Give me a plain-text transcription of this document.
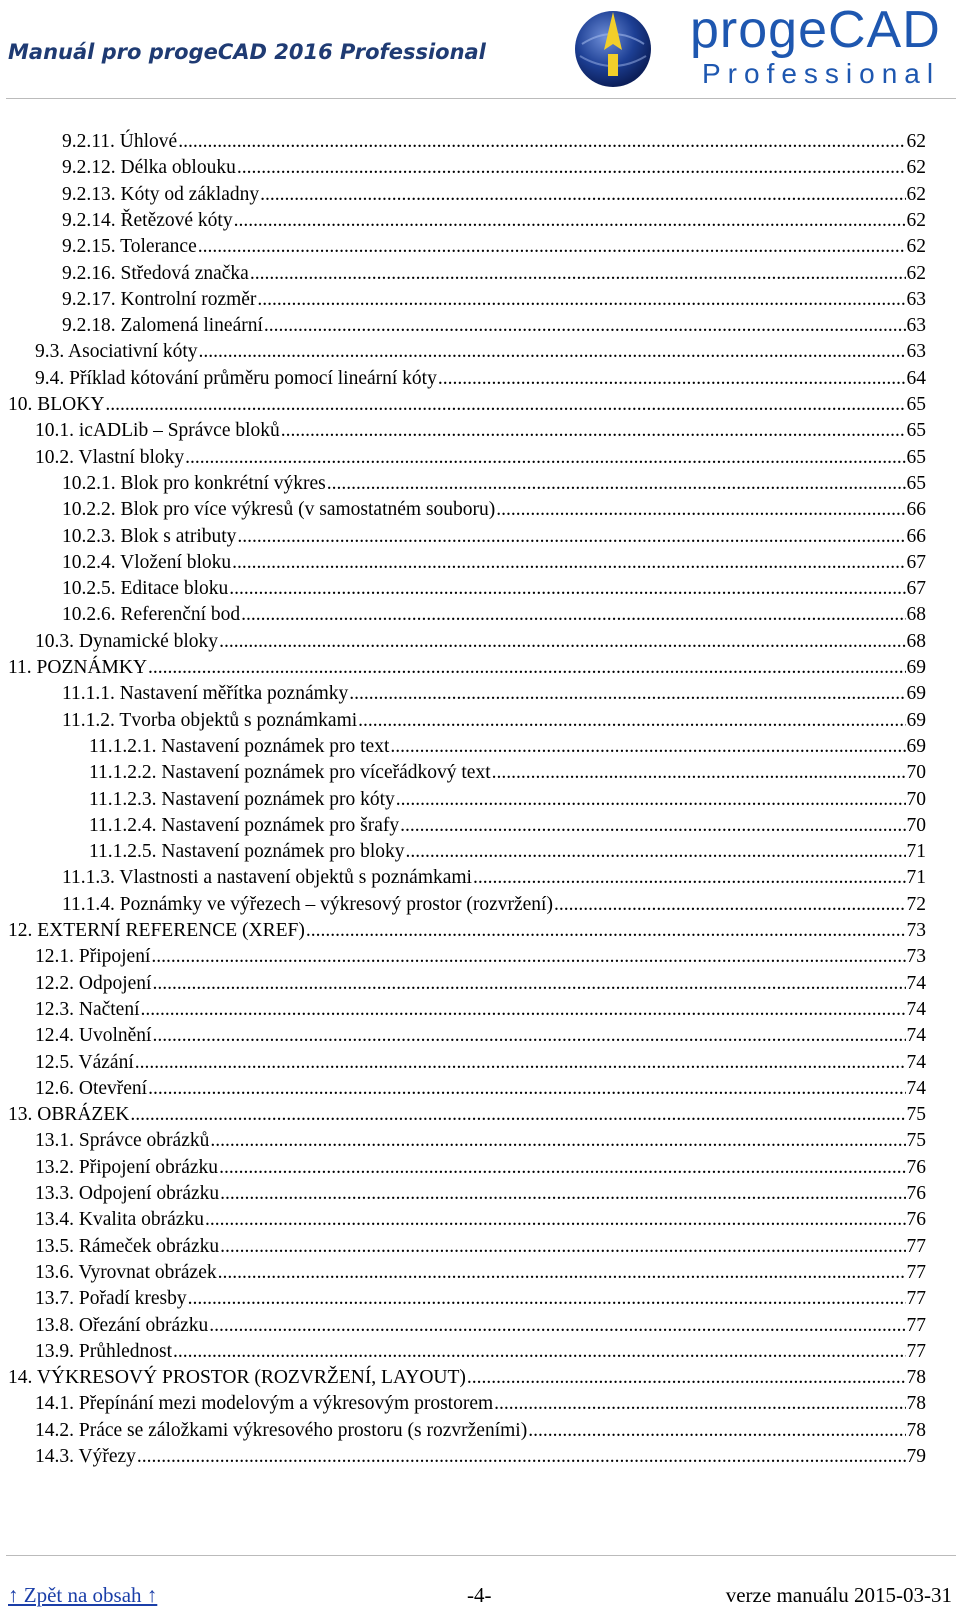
Manuál pro progeCAD 2016 Professional	progeCAD
Professional
9.2.11. Úhlové .....	62
9.2.12. Délka oblouku .....	62
9.2.13. Kóty od základny .....	62
9.2.14. Řetězové kóty .....	62
9.2.15. Tolerance .....	62
9.2.16. Středová značka .....	62
9.2.17. Kontrolní rozměr .....	63
9.2.18. Zalomená lineární .....	63
9.3. Asociativní kóty .....	63
9.4. Příklad kótování průměru pomocí lineární kóty .....	64
10. BLOKY .....	65
10.1. icADLib – Správce bloků .....	65
10.2. Vlastní bloky .....	65
10.2.1. Blok pro konkrétní výkres .....	65
10.2.2. Blok pro více výkresů (v samostatném souboru) .....	66
10.2.3. Blok s atributy .....	66
10.2.4. Vložení bloku .....	67
10.2.5. Editace bloku .....	67
10.2.6. Referenční bod .....	68
10.3. Dynamické bloky .....	68
11. POZNÁMKY .....	69
11.1.1. Nastavení měřítka poznámky .....	69
11.1.2. Tvorba objektů s poznámkami .....	69
11.1.2.1. Nastavení poznámek pro text .....	69
11.1.2.2. Nastavení poznámek pro víceřádkový text .....	70
11.1.2.3. Nastavení poznámek pro kóty .....	70
11.1.2.4. Nastavení poznámek pro šrafy .....	70
11.1.2.5. Nastavení poznámek pro bloky .....	71
11.1.3. Vlastnosti a nastavení objektů s poznámkami .....	71
11.1.4. Poznámky ve výřezech – výkresový prostor (rozvržení) .....	72
12. EXTERNÍ REFERENCE (XREF) .....	73
12.1. Připojení .....	73
12.2. Odpojení .....	74
12.3. Načtení .....	74
12.4. Uvolnění .....	74
12.5. Vázání .....	74
12.6. Otevření .....	74
13. OBRÁZEK .....	75
13.1. Správce obrázků .....	75
13.2. Připojení obrázku .....	76
13.3. Odpojení obrázku .....	76
13.4. Kvalita obrázku .....	76
13.5. Rámeček obrázku .....	77
13.6. Vyrovnat obrázek .....	77
13.7. Pořadí kresby .....	77
13.8. Ořezání obrázku .....	77
13.9. Průhlednost .....	77
14. VÝKRESOVÝ PROSTOR (ROZVRŽENÍ, LAYOUT) .....	78
14.1. Přepínání mezi modelovým a výkresovým prostorem .....	78
14.2. Práce se záložkami výkresového prostoru (s rozvrženími) .....	78
14.3. Výřezy .....	79
↑ Zpět na obsah ↑	-4-	verze manuálu 2015-03-31
